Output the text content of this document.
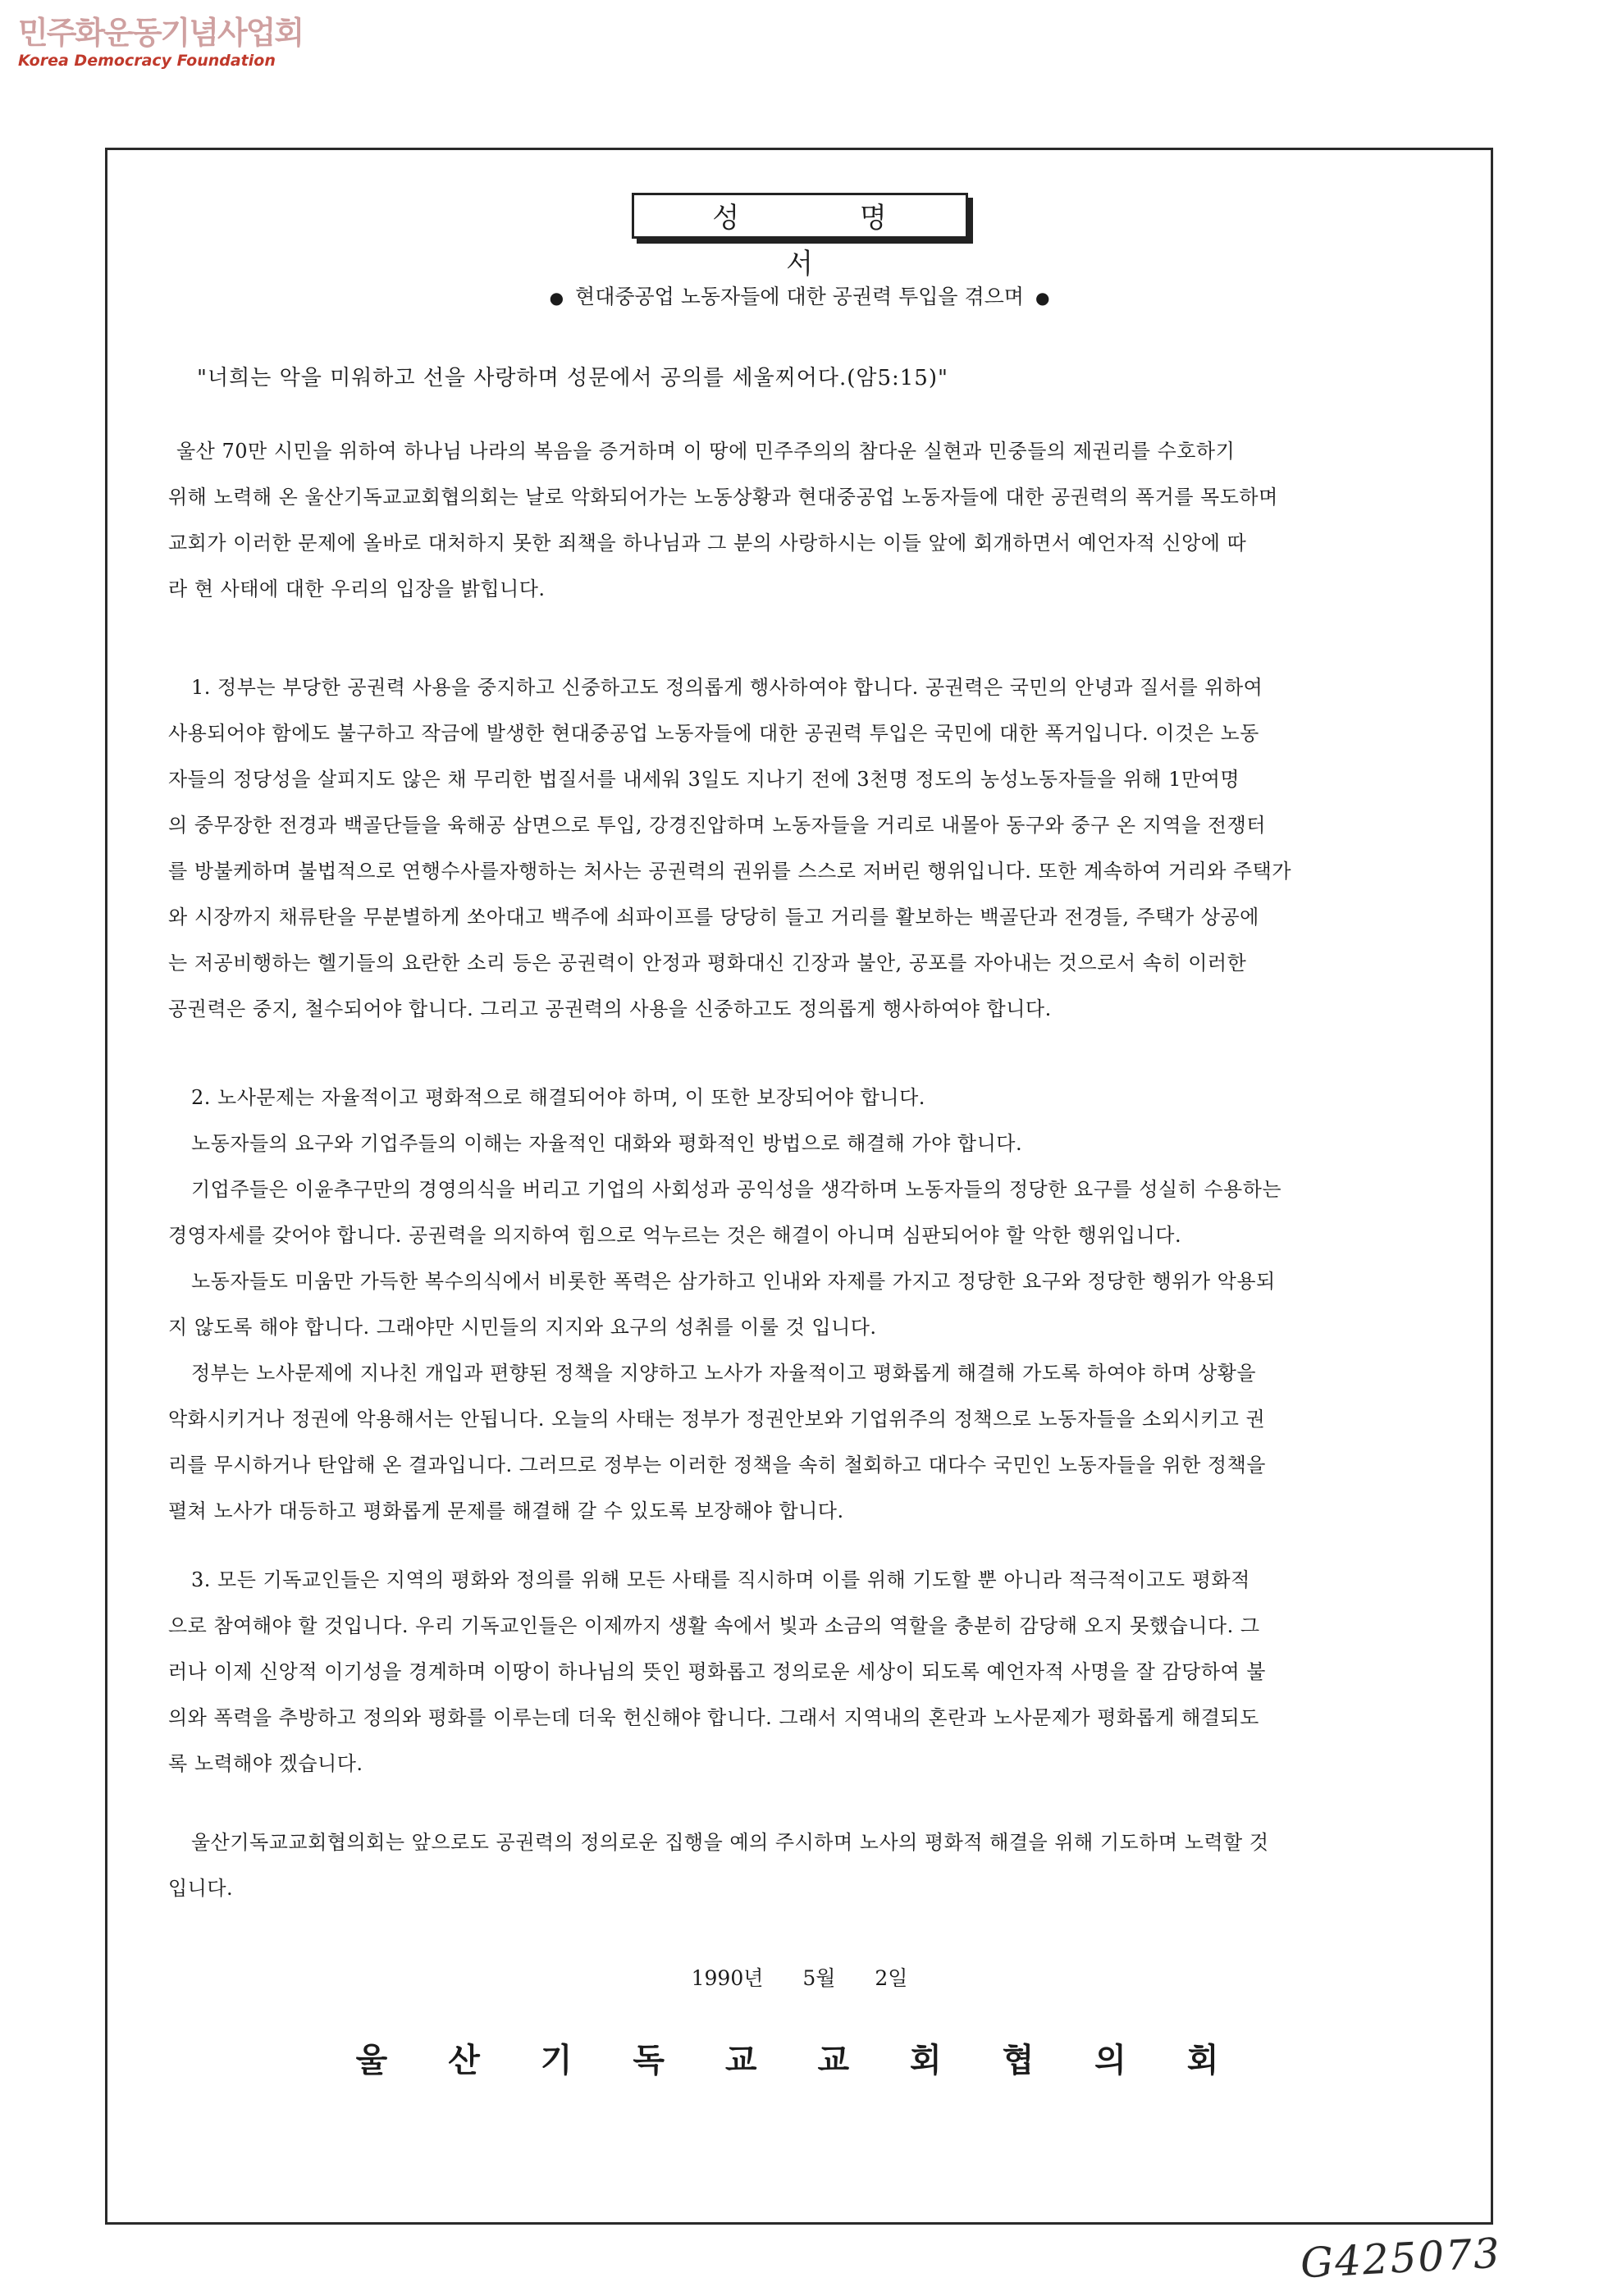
민주화운동기념사업회
Korea Democracy Foundation
성 명 서
● 현대중공업 노동자들에 대한 공권력 투입을 겪으며 ●
"너희는 악을 미워하고 선을 사랑하며 성문에서 공의를 세울찌어다.(암5:15)"
울산 70만 시민을 위하여 하나님 나라의 복음을 증거하며 이 땅에 민주주의의 참다운 실현과 민중들의 제권리를 수호하기
위해 노력해 온 울산기독교교회협의회는 날로 악화되어가는 노동상황과 현대중공업 노동자들에 대한 공권력의 폭거를 목도하며
교회가 이러한 문제에 올바로 대처하지 못한 죄책을 하나님과 그 분의 사랑하시는 이들 앞에 회개하면서 예언자적 신앙에 따
라 현 사태에 대한 우리의 입장을 밝힙니다.
1. 정부는 부당한 공권력 사용을 중지하고 신중하고도 정의롭게 행사하여야 합니다. 공권력은 국민의 안녕과 질서를 위하여
사용되어야 함에도 불구하고 작금에 발생한 현대중공업 노동자들에 대한 공권력 투입은 국민에 대한 폭거입니다. 이것은 노동
자들의 정당성을 살피지도 않은 채 무리한 법질서를 내세워 3일도 지나기 전에 3천명 정도의 농성노동자들을 위해 1만여명
의 중무장한 전경과 백골단들을 육해공 삼면으로 투입, 강경진압하며 노동자들을 거리로 내몰아 동구와 중구 온 지역을 전쟁터
를 방불케하며 불법적으로 연행수사를자행하는 처사는 공권력의 권위를 스스로 저버린 행위입니다. 또한 계속하여 거리와 주택가
와 시장까지 채류탄을 무분별하게 쏘아대고 백주에 쇠파이프를 당당히 들고 거리를 활보하는 백골단과 전경들, 주택가 상공에
는 저공비행하는 헬기들의 요란한 소리 등은 공권력이 안정과 평화대신 긴장과 불안, 공포를 자아내는 것으로서 속히 이러한
공권력은 중지, 철수되어야 합니다. 그리고 공권력의 사용을 신중하고도 정의롭게 행사하여야 합니다.
2. 노사문제는 자율적이고 평화적으로 해결되어야 하며, 이 또한 보장되어야 합니다.
노동자들의 요구와 기업주들의 이해는 자율적인 대화와 평화적인 방법으로 해결해 가야 합니다.
기업주들은 이윤추구만의 경영의식을 버리고 기업의 사회성과 공익성을 생각하며 노동자들의 정당한 요구를 성실히 수용하는
경영자세를 갖어야 합니다. 공권력을 의지하여 힘으로 억누르는 것은 해결이 아니며 심판되어야 할 악한 행위입니다.
노동자들도 미움만 가득한 복수의식에서 비롯한 폭력은 삼가하고 인내와 자제를 가지고 정당한 요구와 정당한 행위가 악용되
지 않도록 해야 합니다. 그래야만 시민들의 지지와 요구의 성취를 이룰 것 입니다.
정부는 노사문제에 지나친 개입과 편향된 정책을 지양하고 노사가 자율적이고 평화롭게 해결해 가도록 하여야 하며 상황을
악화시키거나 정권에 악용해서는 안됩니다. 오늘의 사태는 정부가 정권안보와 기업위주의 정책으로 노동자들을 소외시키고 권
리를 무시하거나 탄압해 온 결과입니다. 그러므로 정부는 이러한 정책을 속히 철회하고 대다수 국민인 노동자들을 위한 정책을
펼쳐 노사가 대등하고 평화롭게 문제를 해결해 갈 수 있도록 보장해야 합니다.
3. 모든 기독교인들은 지역의 평화와 정의를 위해 모든 사태를 직시하며 이를 위해 기도할 뿐 아니라 적극적이고도 평화적
으로 참여해야 할 것입니다. 우리 기독교인들은 이제까지 생활 속에서 빛과 소금의 역할을 충분히 감당해 오지 못했습니다. 그
러나 이제 신앙적 이기성을 경계하며 이땅이 하나님의 뜻인 평화롭고 정의로운 세상이 되도록 예언자적 사명을 잘 감당하여 불
의와 폭력을 추방하고 정의와 평화를 이루는데 더욱 헌신해야 합니다. 그래서 지역내의 혼란과 노사문제가 평화롭게 해결되도
록 노력해야 겠습니다.
울산기독교교회협의회는 앞으로도 공권력의 정의로운 집행을 예의 주시하며 노사의 평화적 해결을 위해 기도하며 노력할 것
입니다.
1990년 5월 2일
울 산 기 독 교 교 회 협 의 회
G425073
